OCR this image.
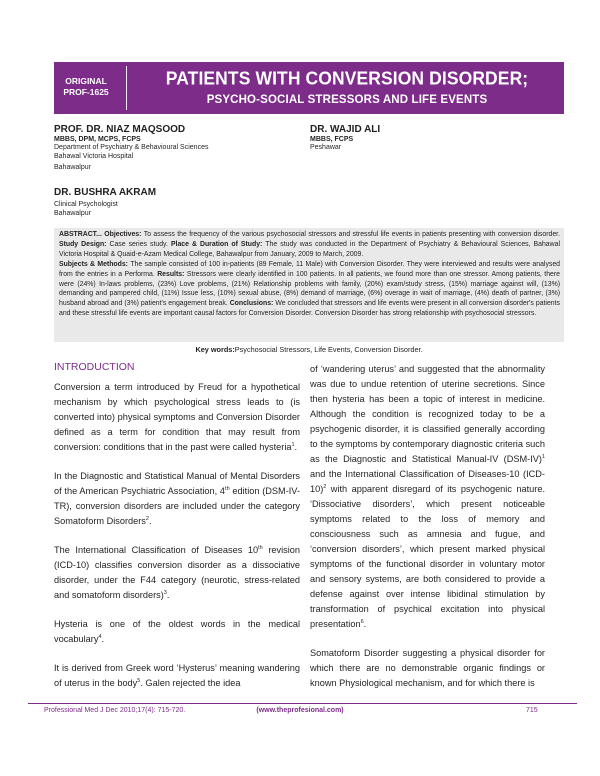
ORIGINAL
PROF-1625
PATIENTS WITH CONVERSION DISORDER;
PSYCHO-SOCIAL STRESSORS AND LIFE EVENTS
PROF. DR. NIAZ MAQSOOD
MBBS, DPM, MCPS, FCPS
Department of Psychiatry & Behavioural Sciences
Bahawal Victoria Hospital
Bahawalpur
DR. WAJID ALI
MBBS, FCPS
Peshawar
DR. BUSHRA AKRAM
Clinical Psychologist
Bahawalpur
ABSTRACT... Objectives: To assess the frequency of the various psychosocial stressors and stressful life events in patients presenting with conversion disorder. Study Design: Case series study. Place & Duration of Study: The study was conducted in the Department of Psychiatry & Behavioural Sciences, Bahawal Victoria Hospital & Quaid-e-Azam Medical College, Bahawalpur from January, 2009 to March, 2009.
Subjects & Methods: The sample consisted of 100 in-patients (89 Female, 11 Male) with Conversion Disorder. They were interviewed and results were analysed from the entries in a Performa. Results: Stressors were clearly identified in 100 patients. In all patients, we found more than one stressor. Among patients, there were (24%) In-laws problems, (23%) Love problems, (21%) Relationship problems with family, (20%) exam/study stress, (15%) marriage against will, (13%) demanding and pampered child, (11%) Issue less, (10%) sexual abuse, (8%) demand of marriage, (6%) overage in wait of marriage, (4%) death of partner, (3%) husband abroad and (3%) patient's engagement break. Conclusions: We concluded that stressors and life events were present in all conversion disorder's patients and these stressful life events are important causal factors for Conversion Disorder. Conversion Disorder has strong relationship with psychosocial stressors.
Key words:Psychosocial Stressors, Life Events, Conversion Disorder.
INTRODUCTION

Conversion a term introduced by Freud for a hypothetical mechanism by which psychological stress leads to (is converted into) physical symptoms and Conversion Disorder defined as a term for condition that may result from conversion: conditions that in the past were called hysteria$^1$.

In the Diagnostic and Statistical Manual of Mental Disorders of the American Psychiatric Association, 4th edition (DSM-IV-TR), conversion disorders are included under the category Somatoform Disorders$^2$.

The International Classification of Diseases 10th revision (ICD-10) classifies conversion disorder as a dissociative disorder, under the F44 category (neurotic, stress-related and somatoform disorders)$^3$.

Hysteria is one of the oldest words in the medical vocabulary$^4$.

It is derived from Greek word ‘Hysterus’ meaning wandering of uterus in the body$^5$. Galen rejected the idea

of ‘wandering uterus’ and suggested that the abnormality was due to undue retention of uterine secretions. Since then hysteria has been a topic of interest in medicine. Although the condition is recognized today to be a psychogenic disorder, it is classified generally according to the symptoms by contemporary diagnostic criteria such as the Diagnostic and Statistical Manual-IV $(DSM-IV)^1$ and the International Classification of Diseases-10 $(ICD-10)^2$ with apparent disregard of its psychogenic nature. ‘Dissociative disorders’, which present noticeable symptoms related to the loss of memory and consciousness such as amnesia and fugue, and ‘conversion disorders’, which present marked physical symptoms of the functional disorder in voluntary motor and sensory systems, are both considered to provide a defense against over intense libidinal stimulation by transformation of psychical excitation into physical presentation$^6$.

Somatoform Disorder suggesting a physical disorder for which there are no demonstrable organic findings or known Physiological mechanism, and for which there is

Professional Med J Dec 2010;17(4): 715-720.	(www.theprofesional.com)	715
